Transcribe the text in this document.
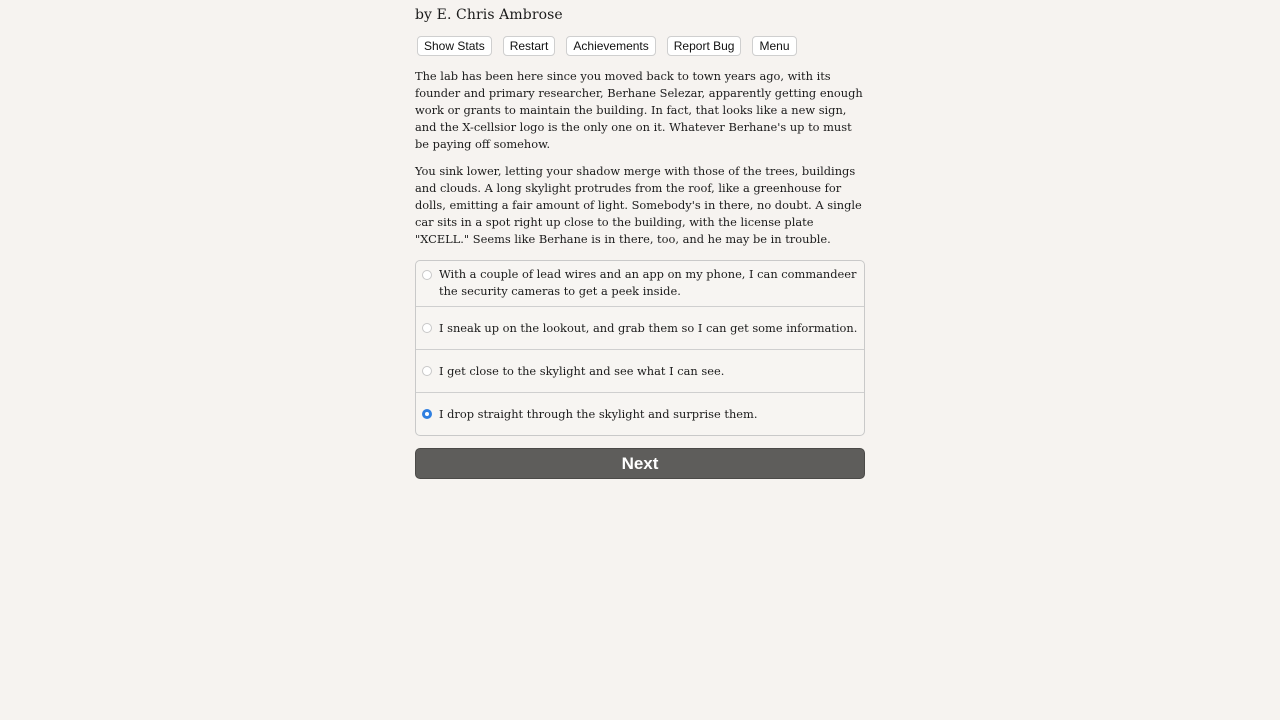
by E. Chris Ambrose
Show Stats	Restart	Achievements	Report Bug	Menu

The lab has been here since you moved back to town years ago, with its founder and primary researcher, Berhane Selezar, apparently getting enough work or grants to maintain the building. In fact, that looks like a new sign, and the X-cellsior logo is the only one on it. Whatever Berhane's up to must be paying off somehow.

You sink lower, letting your shadow merge with those of the trees, buildings and clouds. A long skylight protrudes from the roof, like a greenhouse for dolls, emitting a fair amount of light. Somebody's in there, no doubt. A single car sits in a spot right up close to the building, with the license plate "XCELL." Seems like Berhane is in there, too, and he may be in trouble.

With a couple of lead wires and an app on my phone, I can commandeer the security cameras to get a peek inside.
I sneak up on the lookout, and grab them so I can get some information.
I get close to the skylight and see what I can see.
I drop straight through the skylight and surprise them.
Next
